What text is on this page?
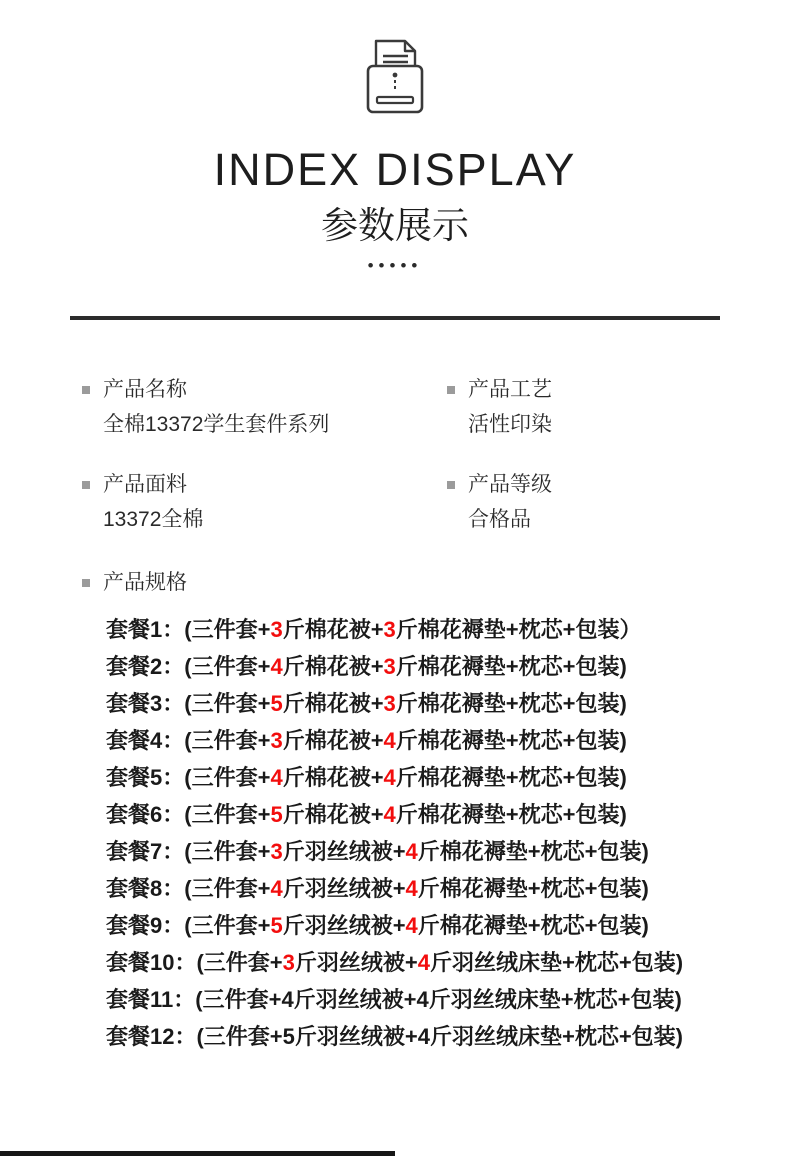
INDEX DISPLAY
参数展示
•••••
产品名称
全棉13372学生套件系列
产品工艺
活性印染
产品面料
13372全棉
产品等级
合格品
产品规格
套餐1：(三件套+3斤棉花被+3斤棉花褥垫+枕芯+包装）
套餐2：(三件套+4斤棉花被+3斤棉花褥垫+枕芯+包装)
套餐3：(三件套+5斤棉花被+3斤棉花褥垫+枕芯+包装)
套餐4：(三件套+3斤棉花被+4斤棉花褥垫+枕芯+包装)
套餐5：(三件套+4斤棉花被+4斤棉花褥垫+枕芯+包装)
套餐6：(三件套+5斤棉花被+4斤棉花褥垫+枕芯+包装)
套餐7：(三件套+3斤羽丝绒被+4斤棉花褥垫+枕芯+包装)
套餐8：(三件套+4斤羽丝绒被+4斤棉花褥垫+枕芯+包装)
套餐9：(三件套+5斤羽丝绒被+4斤棉花褥垫+枕芯+包装)
套餐10：(三件套+3斤羽丝绒被+4斤羽丝绒床垫+枕芯+包装)
套餐11：(三件套+4斤羽丝绒被+4斤羽丝绒床垫+枕芯+包装)
套餐12：(三件套+5斤羽丝绒被+4斤羽丝绒床垫+枕芯+包装)
